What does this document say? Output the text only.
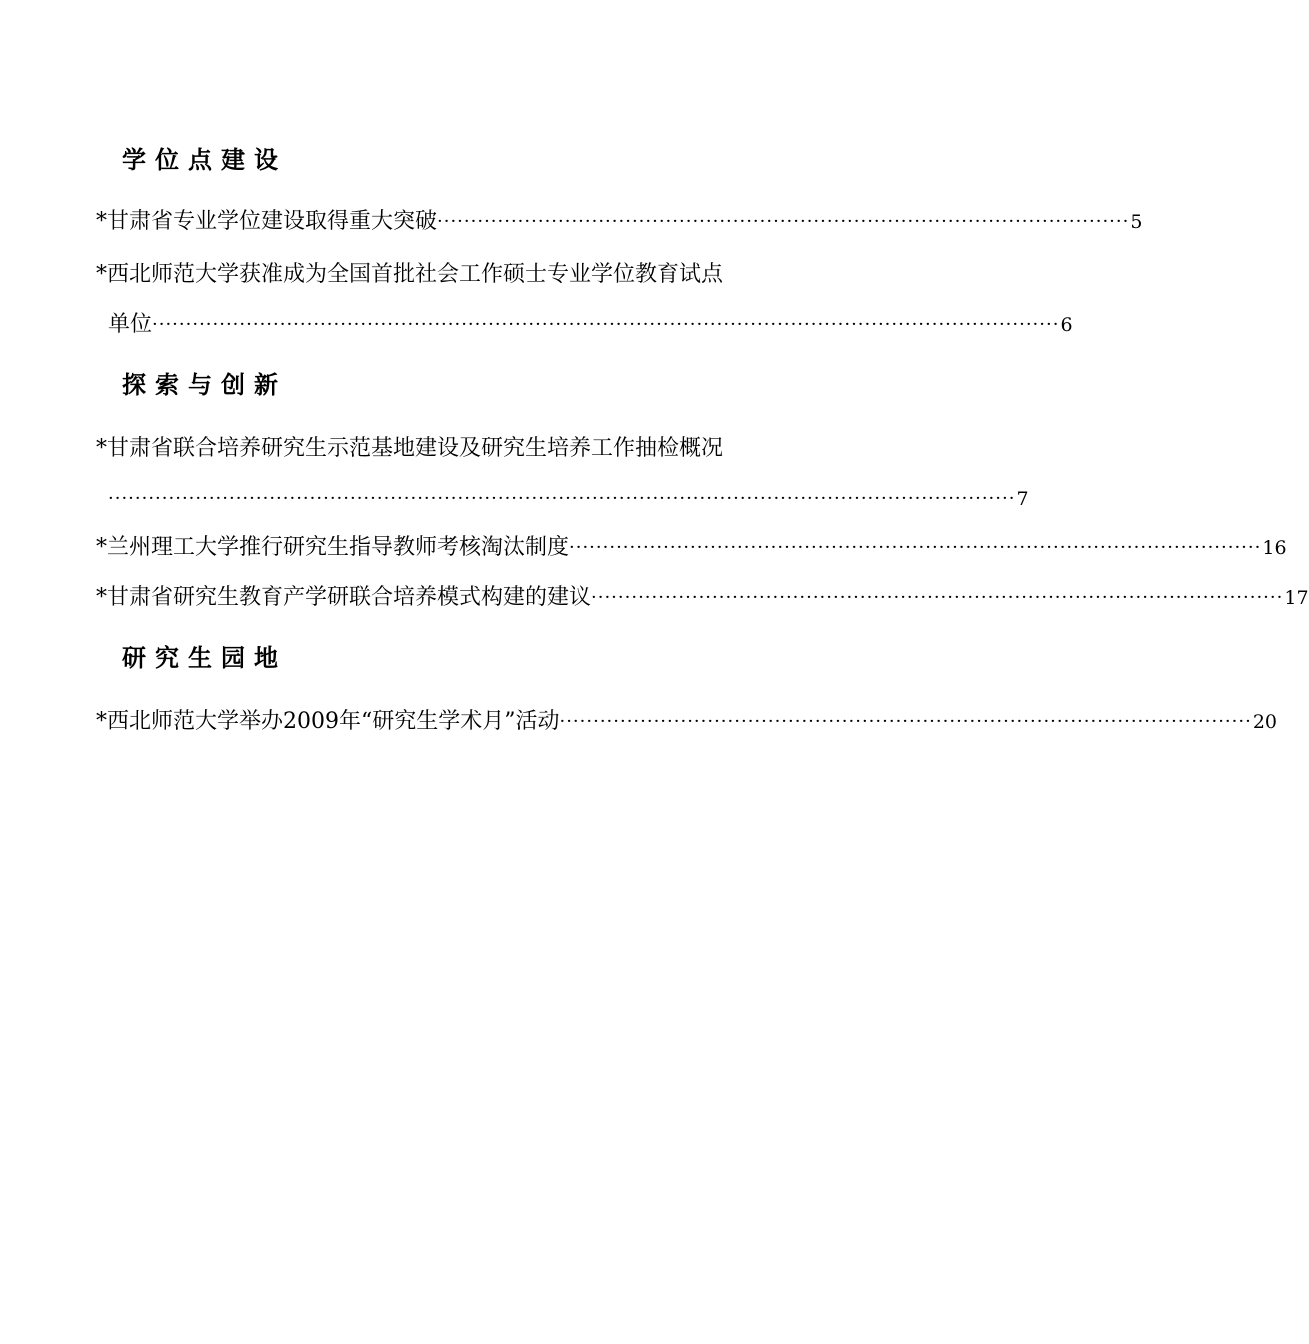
学位点建设
*甘肃省专业学位建设取得重大突破 ······································································································· 5
*西北师范大学获准成为全国首批社会工作硕士专业学位教育试点
单位 ······································································································································· 6
探索与创新
*甘肃省联合培养研究生示范基地建设及研究生培养工作抽检概况
······································································································································· 7
*兰州理工大学推行研究生指导教师考核淘汰制度 ······································································································· 16
*甘肃省研究生教育产学研联合培养模式构建的建议 ······································································································· 17
研究生园地
*西北师范大学举办2009年“研究生学术月”活动 ······································································································· 20
